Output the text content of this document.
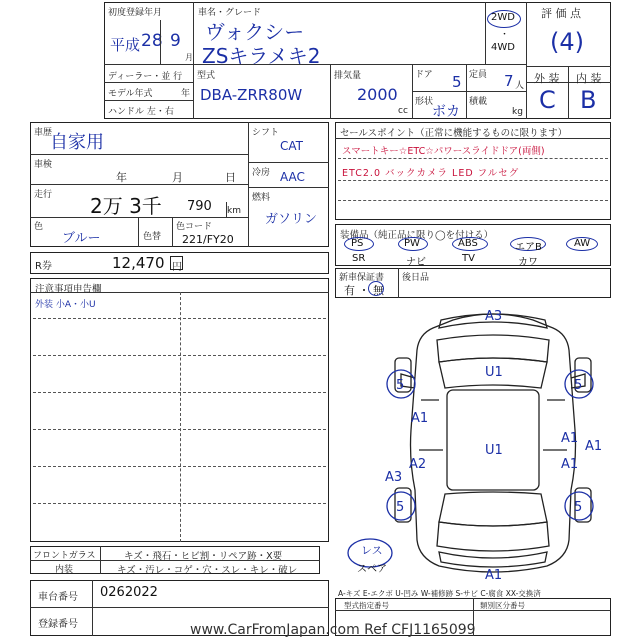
初度登録年月
平成 28 9
月
車名・グレード
ヴォクシー
ZSキラメキ2
2WD
・
4WD
評 価 点
(4)
ディーラー・並 行
モデル年式	年
ハンドル 左・右
型式
DBA-ZRR80W
排気量
2000
cc
ドア 5
形状
ボカ
定員 7 人
積載
kg
外 装 内 装
C B
車歴
自家用
車検
年	月	日
走行 2万 3千 790 km
色
ブルー	色替
色コード
221/FY20
シフト
CAT
冷房 AAC
燃料
ガソリン
R券	12,470 円
セールスポイント（正常に機能するものに限ります）
スマートキー☆ETC☆パワースライドドア(両側)
ETC2.0 バックカメラ LED フルセグ
装備品（純正品に限り◯を付ける）
PS	PW	ABS	エアB	AW
SR	ナビ	TV	カワ
新車保証書
有 ・ 無
後日品
注意事項申告欄
外装 小A・小U
A3
U1
5	5
A1
A1
U1	A1
A2	A1
A3
5	5
A1
レス
スペア
フロントガラス	キズ・飛石・ヒビ割・リペア跡・X要
内装	キズ・汚レ・コゲ・穴・スレ・キレ・破レ
車台番号 0262022
登録番号
A-キズ E-エクボ U-凹み W-補修跡 S-サビ C-腐食 XX-交換済
型式指定番号	類別区分番号
www.CarFromJapan.com Ref CFJ1165099
